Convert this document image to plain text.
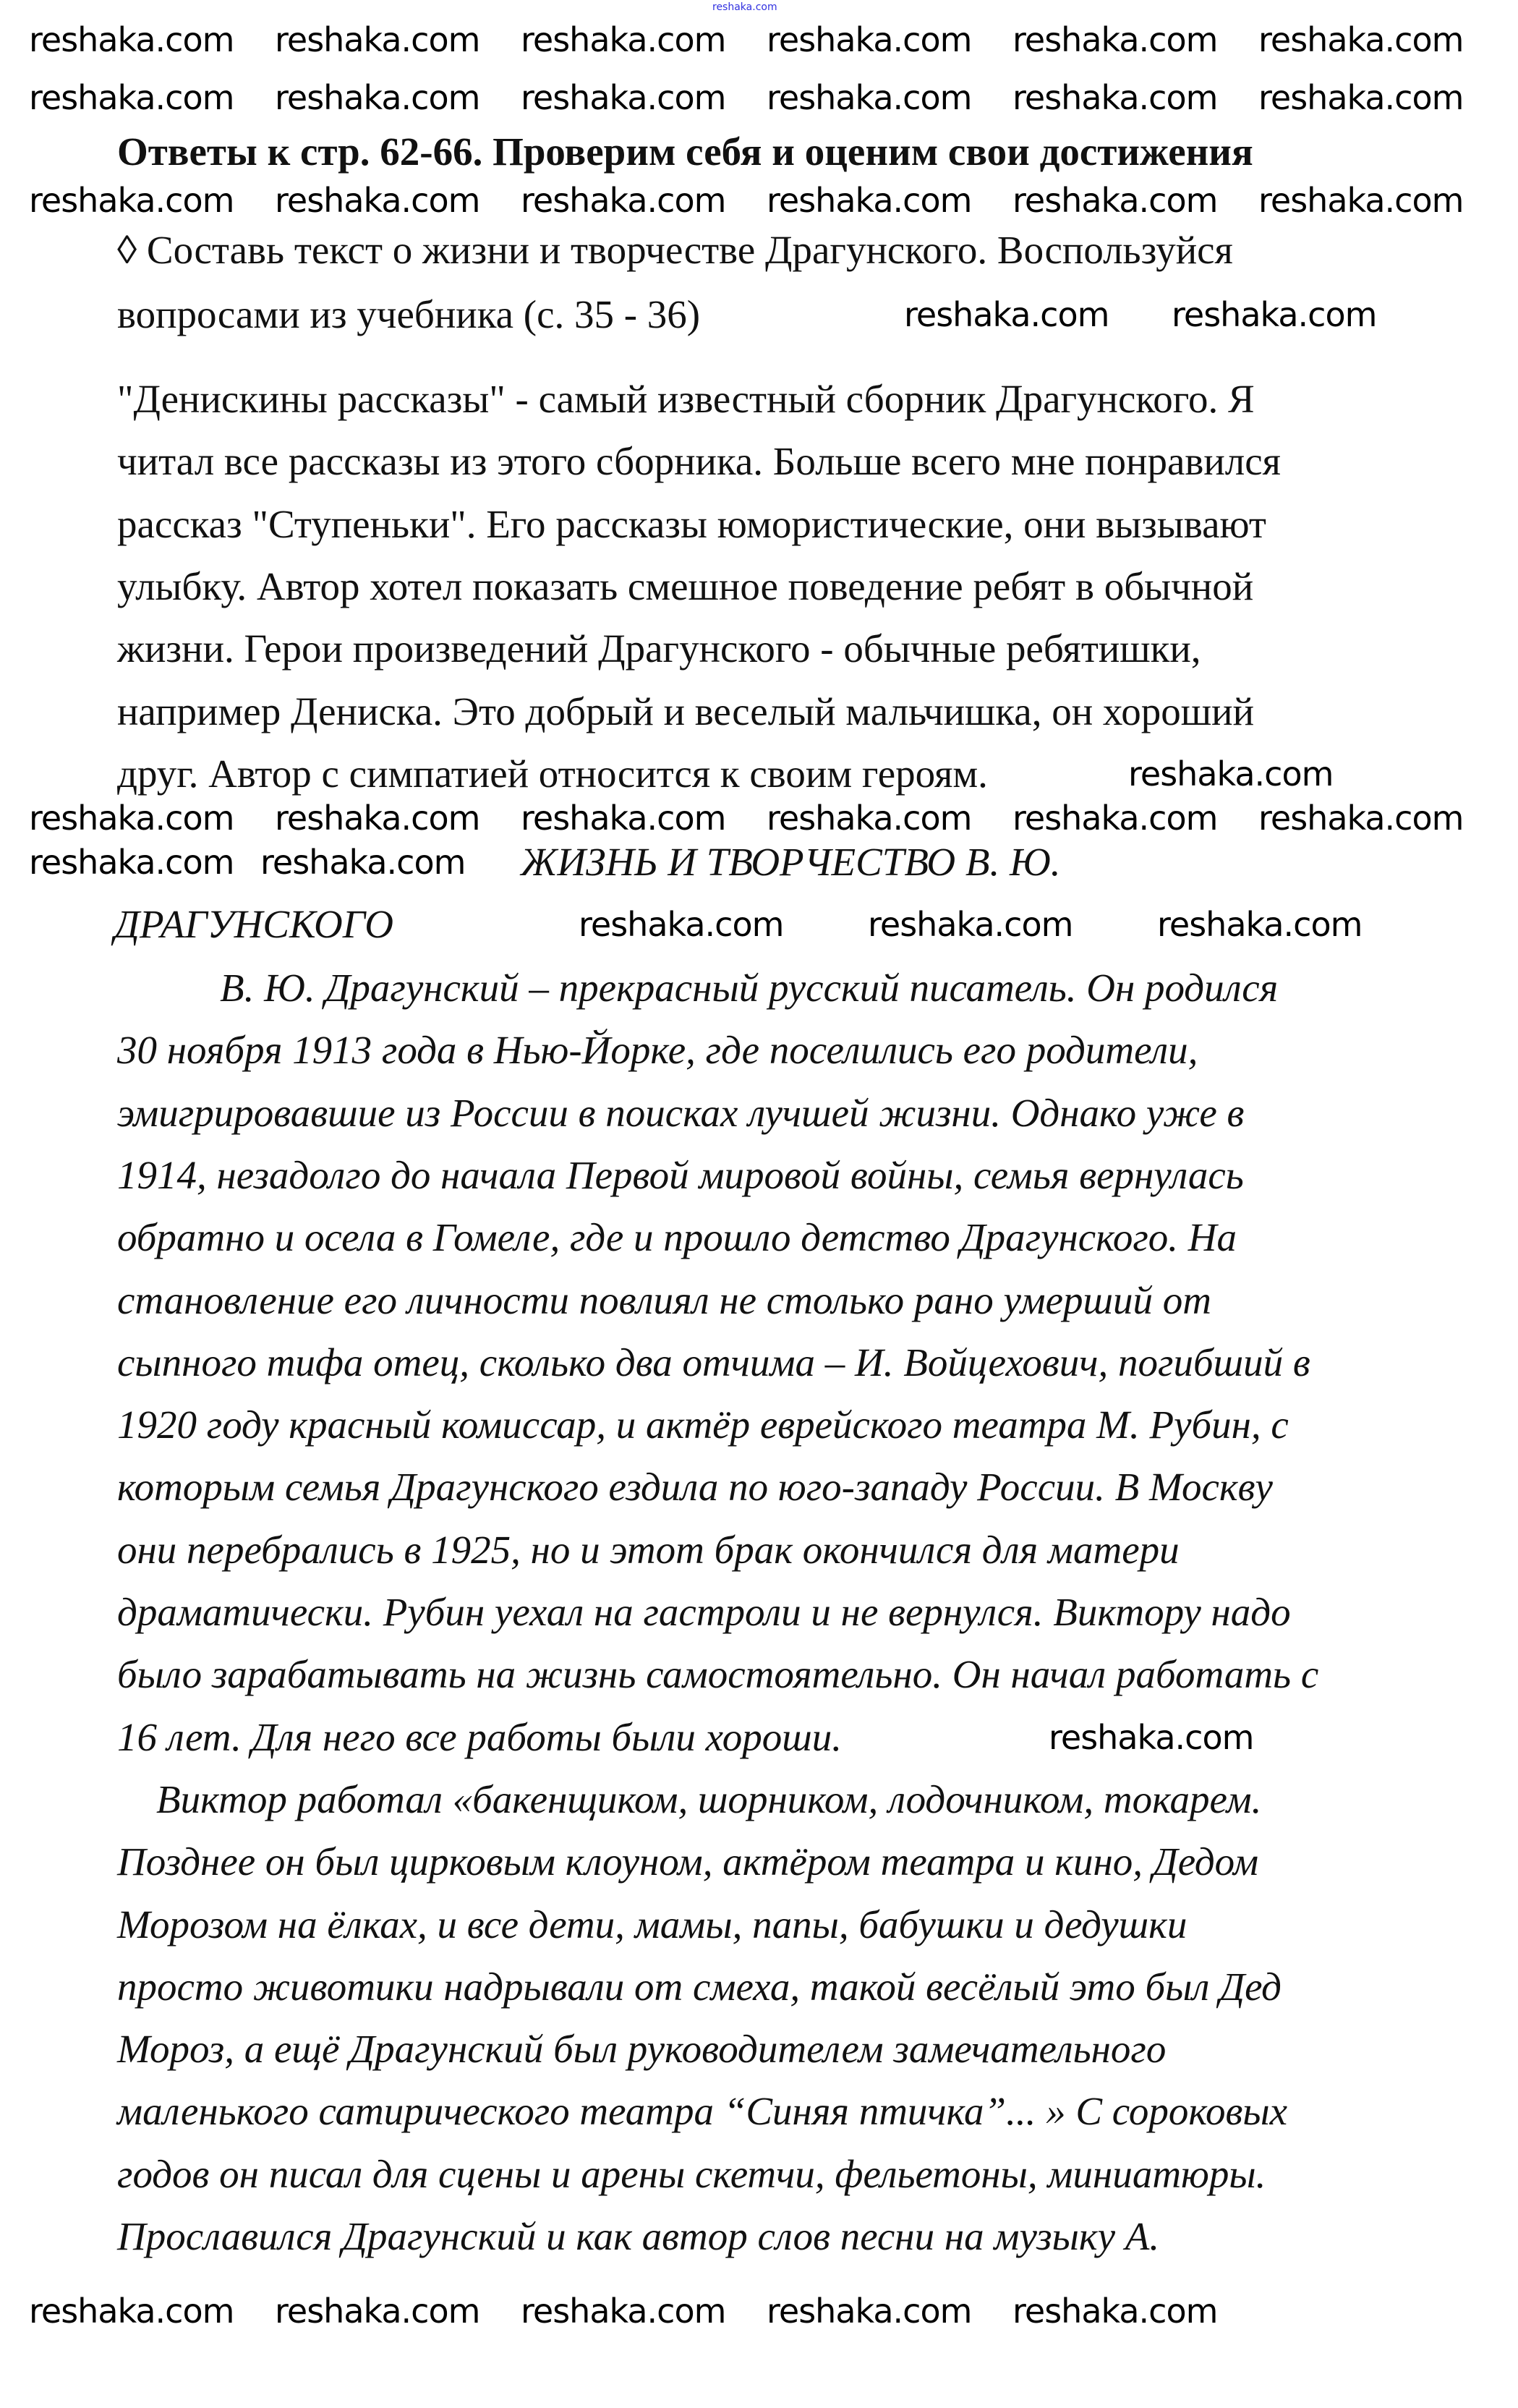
reshaka.com
Ответы к стр. 62-66. Проверим себя и оценим свои достижения
◊ Составь текст о жизни и творчестве Драгунского. Воспользуйся
вопросами из учебника (с. 35 - 36)
"Денискины рассказы" - самый известный сборник Драгунского. Я
читал все рассказы из этого сборника. Больше всего мне понравился
рассказ "Ступеньки". Его рассказы юмористические, они вызывают
улыбку. Автор хотел показать смешное поведение ребят в обычной
жизни. Герои произведений Драгунского - обычные ребятишки,
например Дениска. Это добрый и веселый мальчишка, он хороший
друг. Автор с симпатией относится к своим героям.
ЖИЗНЬ И ТВОРЧЕСТВО В. Ю.
ДРАГУНСКОГО
В. Ю. Драгунский – прекрасный русский писатель. Он родился
30 ноября 1913 года в Нью-Йорке, где поселились его родители,
эмигрировавшие из России в поисках лучшей жизни. Однако уже в
1914, незадолго до начала Первой мировой войны, семья вернулась
обратно и осела в Гомеле, где и прошло детство Драгунского. На
становление его личности повлиял не столько рано умерший от
сыпного тифа отец, сколько два отчима – И. Войцехович, погибший в
1920 году красный комиссар, и актёр еврейского театра М. Рубин, с
которым семья Драгунского ездила по юго-западу России. В Москву
они перебрались в 1925, но и этот брак окончился для матери
драматически. Рубин уехал на гастроли и не вернулся. Виктору надо
было зарабатывать на жизнь самостоятельно. Он начал работать с
16 лет. Для него все работы были хороши.
Виктор работал «бакенщиком, шорником, лодочником, токарем.
Позднее он был цирковым клоуном, актёром театра и кино, Дедом
Морозом на ёлках, и все дети, мамы, папы, бабушки и дедушки
просто животики надрывали от смеха, такой весёлый это был Дед
Мороз, а ещё Драгунский был руководителем замечательного
маленького сатирического театра “Синяя птичка”... » С сороковых
годов он писал для сцены и арены скетчи, фельетоны, миниатюры.
Прославился Драгунский и как автор слов песни на музыку А.
reshaka.com reshaka.com reshaka.com reshaka.com reshaka.com reshaka.com
reshaka.com reshaka.com reshaka.com reshaka.com reshaka.com reshaka.com
reshaka.com reshaka.com reshaka.com reshaka.com reshaka.com reshaka.com
reshaka.com reshaka.com
reshaka.com
reshaka.com reshaka.com reshaka.com reshaka.com reshaka.com reshaka.com
reshaka.com reshaka.com
reshaka.com	reshaka.com	reshaka.com
reshaka.com
reshaka.com reshaka.com reshaka.com reshaka.com reshaka.com
